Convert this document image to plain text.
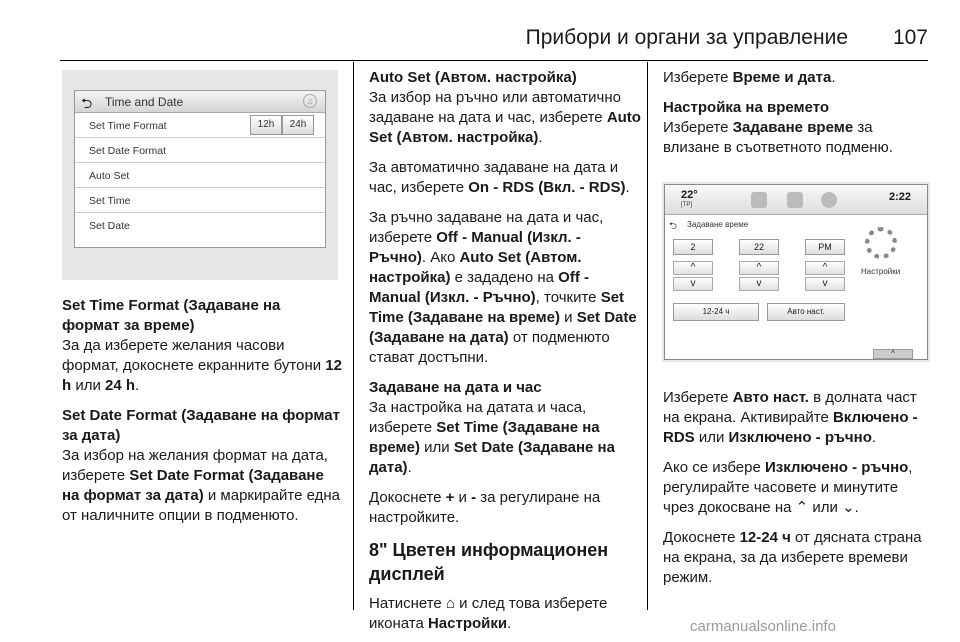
Прибори и органи за управление 107
⮌ Time and Date	♫
Set Time Format	12h	24h
Set Date Format
Auto Set
Set Time
Set Date
Set Time Format (Задаване на формат за време)

За да изберете желания часови формат, докоснете екранните бутони 12 h или 24 h.

Set Date Format (Задаване на формат за дата)

За избор на желания формат на дата, изберете Set Date Format (Задаване на формат за дата) и маркирайте една от наличните опции в подменюто.

Auto Set (Автом. настройка)

За избор на ръчно или автоматично задаване на дата и час, изберете Auto Set (Автом. настройка).

За автоматично задаване на дата и час, изберете On - RDS (Вкл. - RDS).

За ръчно задаване на дата и час, изберете Off - Manual (Изкл. - Ръчно). Ако Auto Set (Автом. настройка) е зададено на Off - Manual (Изкл. - Ръчно), точките Set Time (Задаване на време) и Set Date (Задаване на дата) от подменюто стават достъпни.

Задаване на дата и час

За настройка на датата и часа, изберете Set Time (Задаване на време) или Set Date (Задаване на дата).

Докоснете + и - за регулиране на настройките.

8" Цветен информационен дисплей

Натиснете ⌂ и след това изберете иконата Настройки.

Изберете Време и дата.

Настройка на времето

Изберете Задаване време за влизане в съответното подменю.

22°
[TP]
2:22
⮌ Задаване време
2	22	PM
^	^	^
v	v	v
Настройки
12-24 ч	Авто наст.
^

Изберете Авто наст. в долната част на екрана. Активирайте Включено - RDS или Изключено - ръчно.

Ако се избере Изключено - ръчно, регулирайте часовете и минутите чрез докосване на ⌃ или ⌄.

Докоснете 12-24 ч от дясната страна на екрана, за да изберете времеви режим.

carmanualsonline.info
